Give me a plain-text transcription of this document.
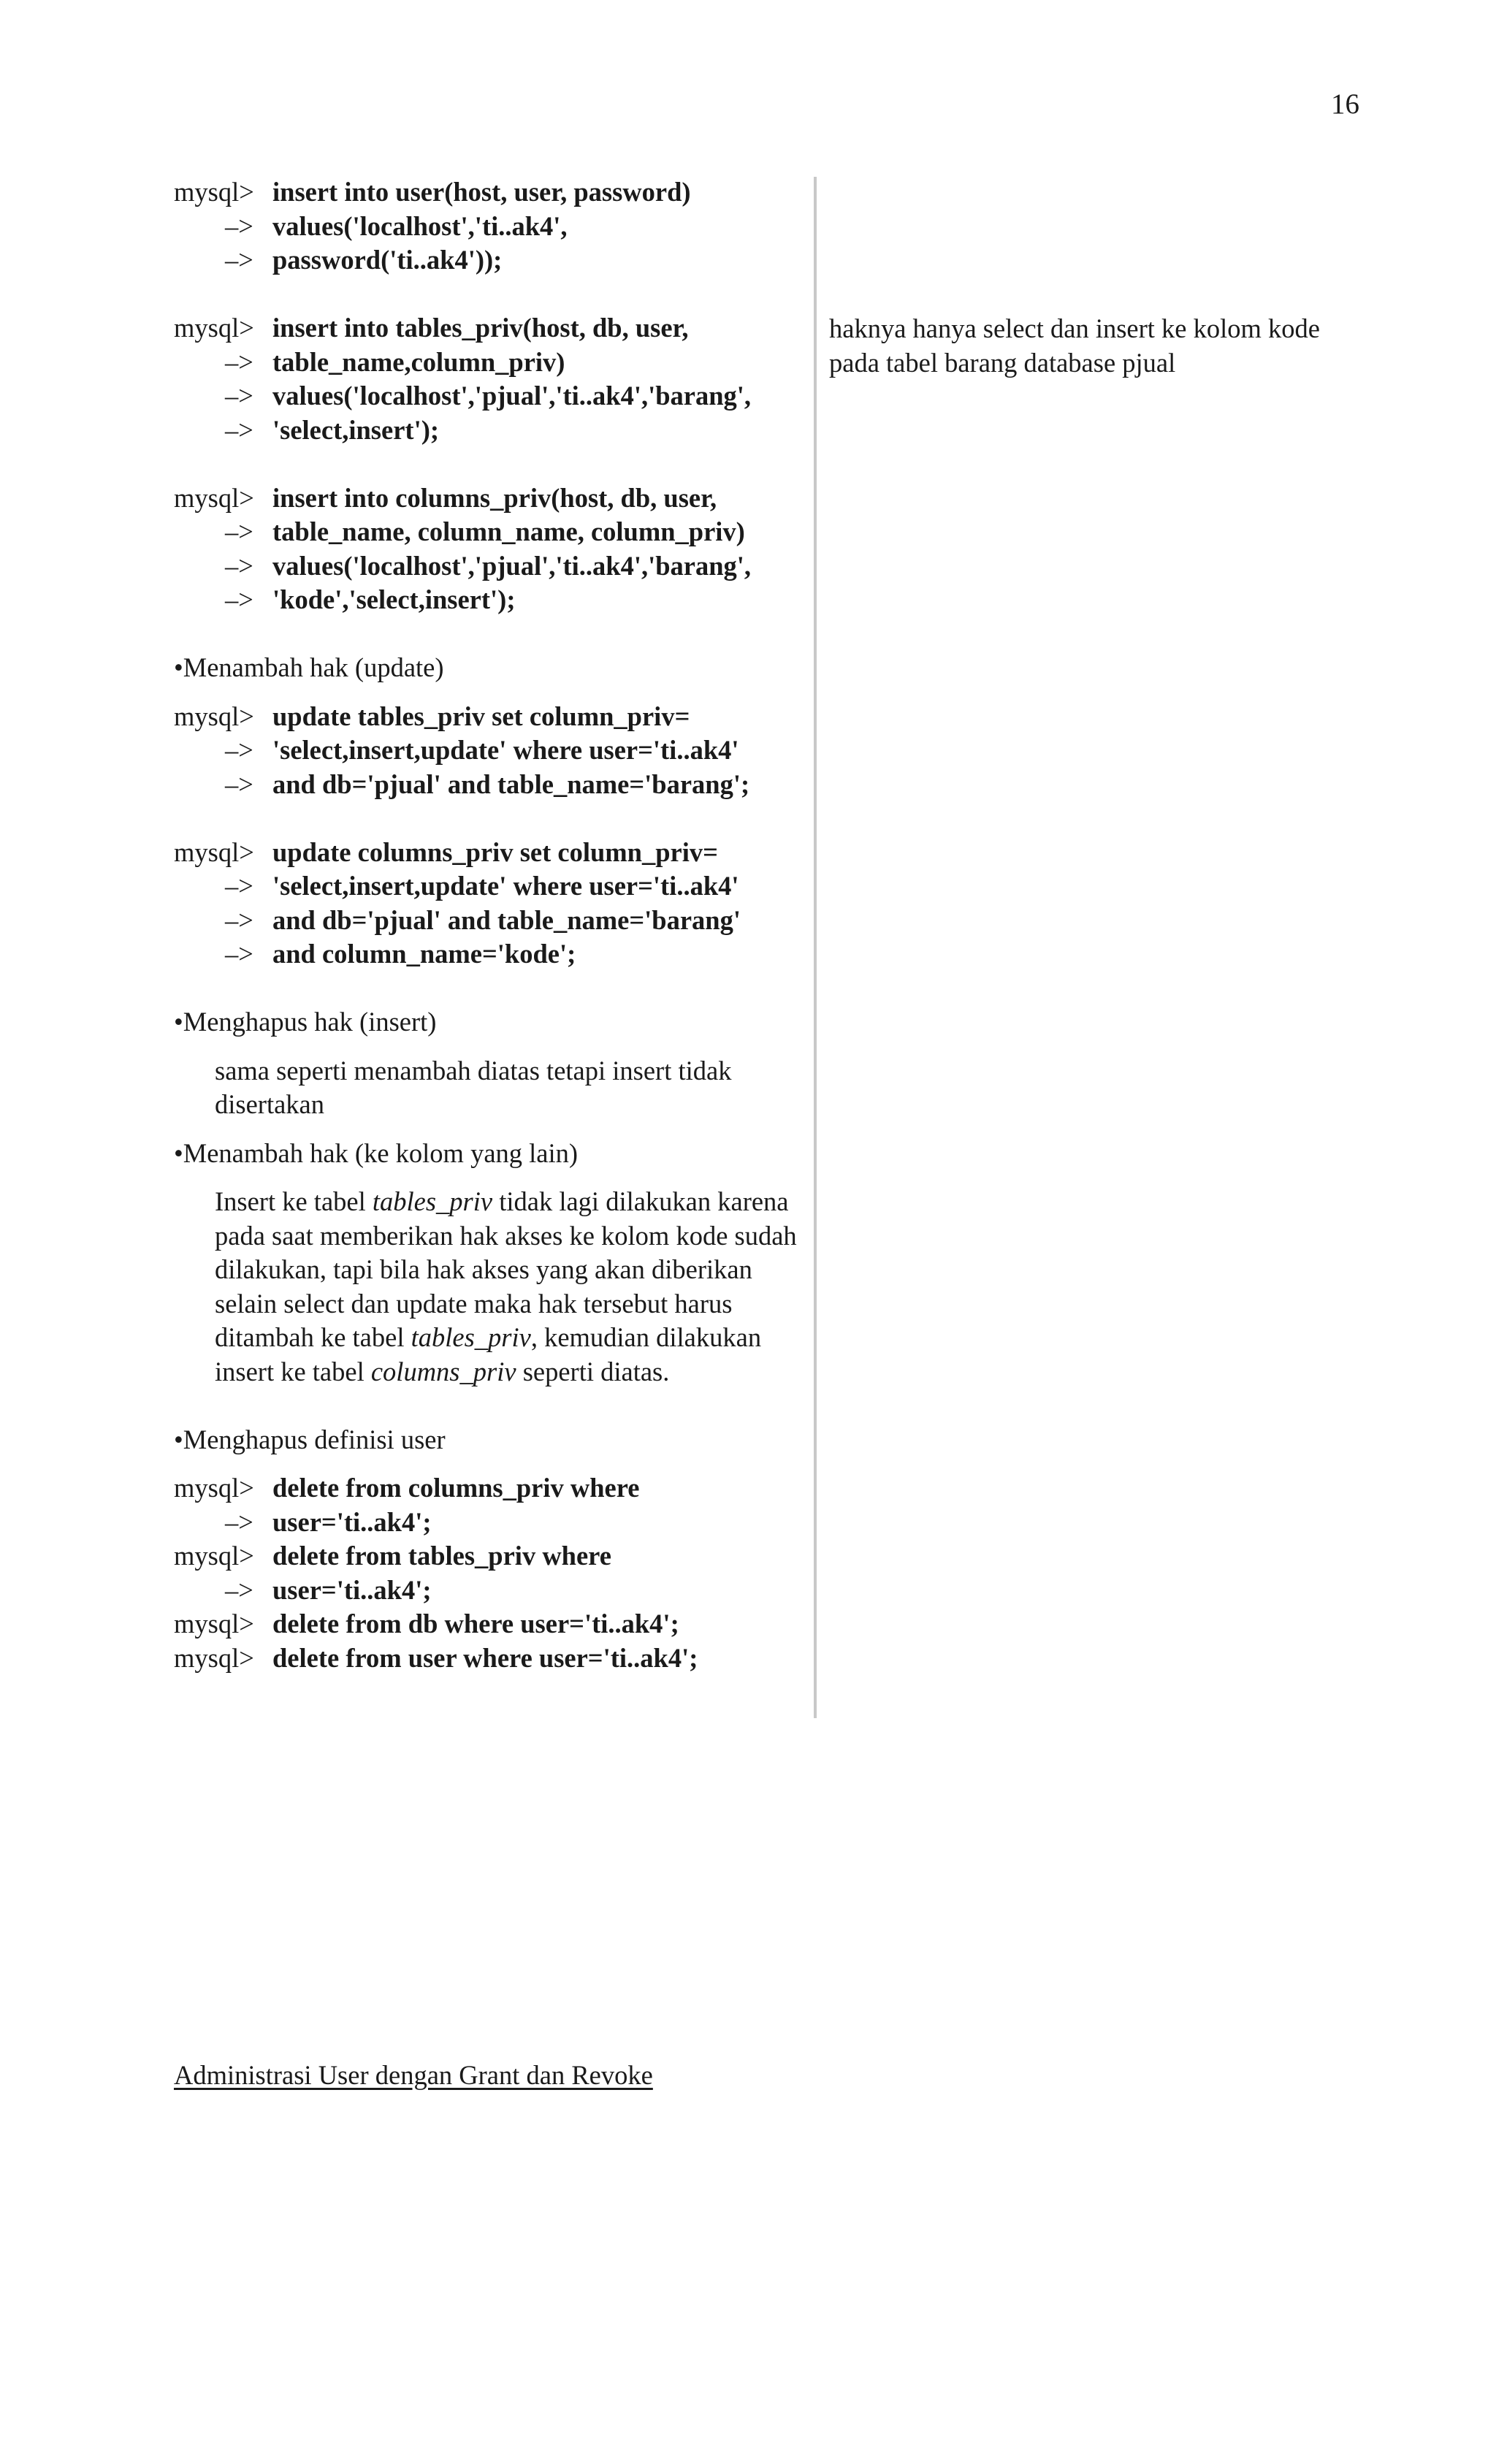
16
mysql> insert into user(host, user, password)
–> values('localhost','ti..ak4',
–> password('ti..ak4'));
mysql> insert into tables_priv(host, db, user,
–> table_name,column_priv)
–> values('localhost','pjual','ti..ak4','barang',
–> 'select,insert');
mysql> insert into columns_priv(host, db, user,
–> table_name, column_name, column_priv)
–> values('localhost','pjual','ti..ak4','barang',
–> 'kode','select,insert');
•Menambah hak (update)
mysql> update tables_priv set column_priv=
–> 'select,insert,update' where user='ti..ak4'
–> and db='pjual' and table_name='barang';
mysql> update columns_priv set column_priv=
–> 'select,insert,update' where user='ti..ak4'
–> and db='pjual' and table_name='barang'
–> and column_name='kode';
•Menghapus hak (insert)
sama seperti menambah diatas tetapi insert tidak disertakan
•Menambah hak (ke kolom yang lain)
Insert ke tabel tables_priv tidak lagi dilakukan karena pada saat memberikan hak akses ke kolom kode sudah dilakukan, tapi bila hak akses yang akan diberikan selain select dan update maka hak tersebut harus ditambah ke tabel tables_priv, kemudian dilakukan insert ke tabel columns_priv seperti diatas.
•Menghapus definisi user
mysql> delete from columns_priv where
–> user='ti..ak4';
mysql> delete from tables_priv where
–> user='ti..ak4';
mysql> delete from db where user='ti..ak4';
mysql> delete from user where user='ti..ak4';
haknya hanya select dan insert ke kolom kode pada tabel barang database pjual
Administrasi User dengan Grant dan Revoke
